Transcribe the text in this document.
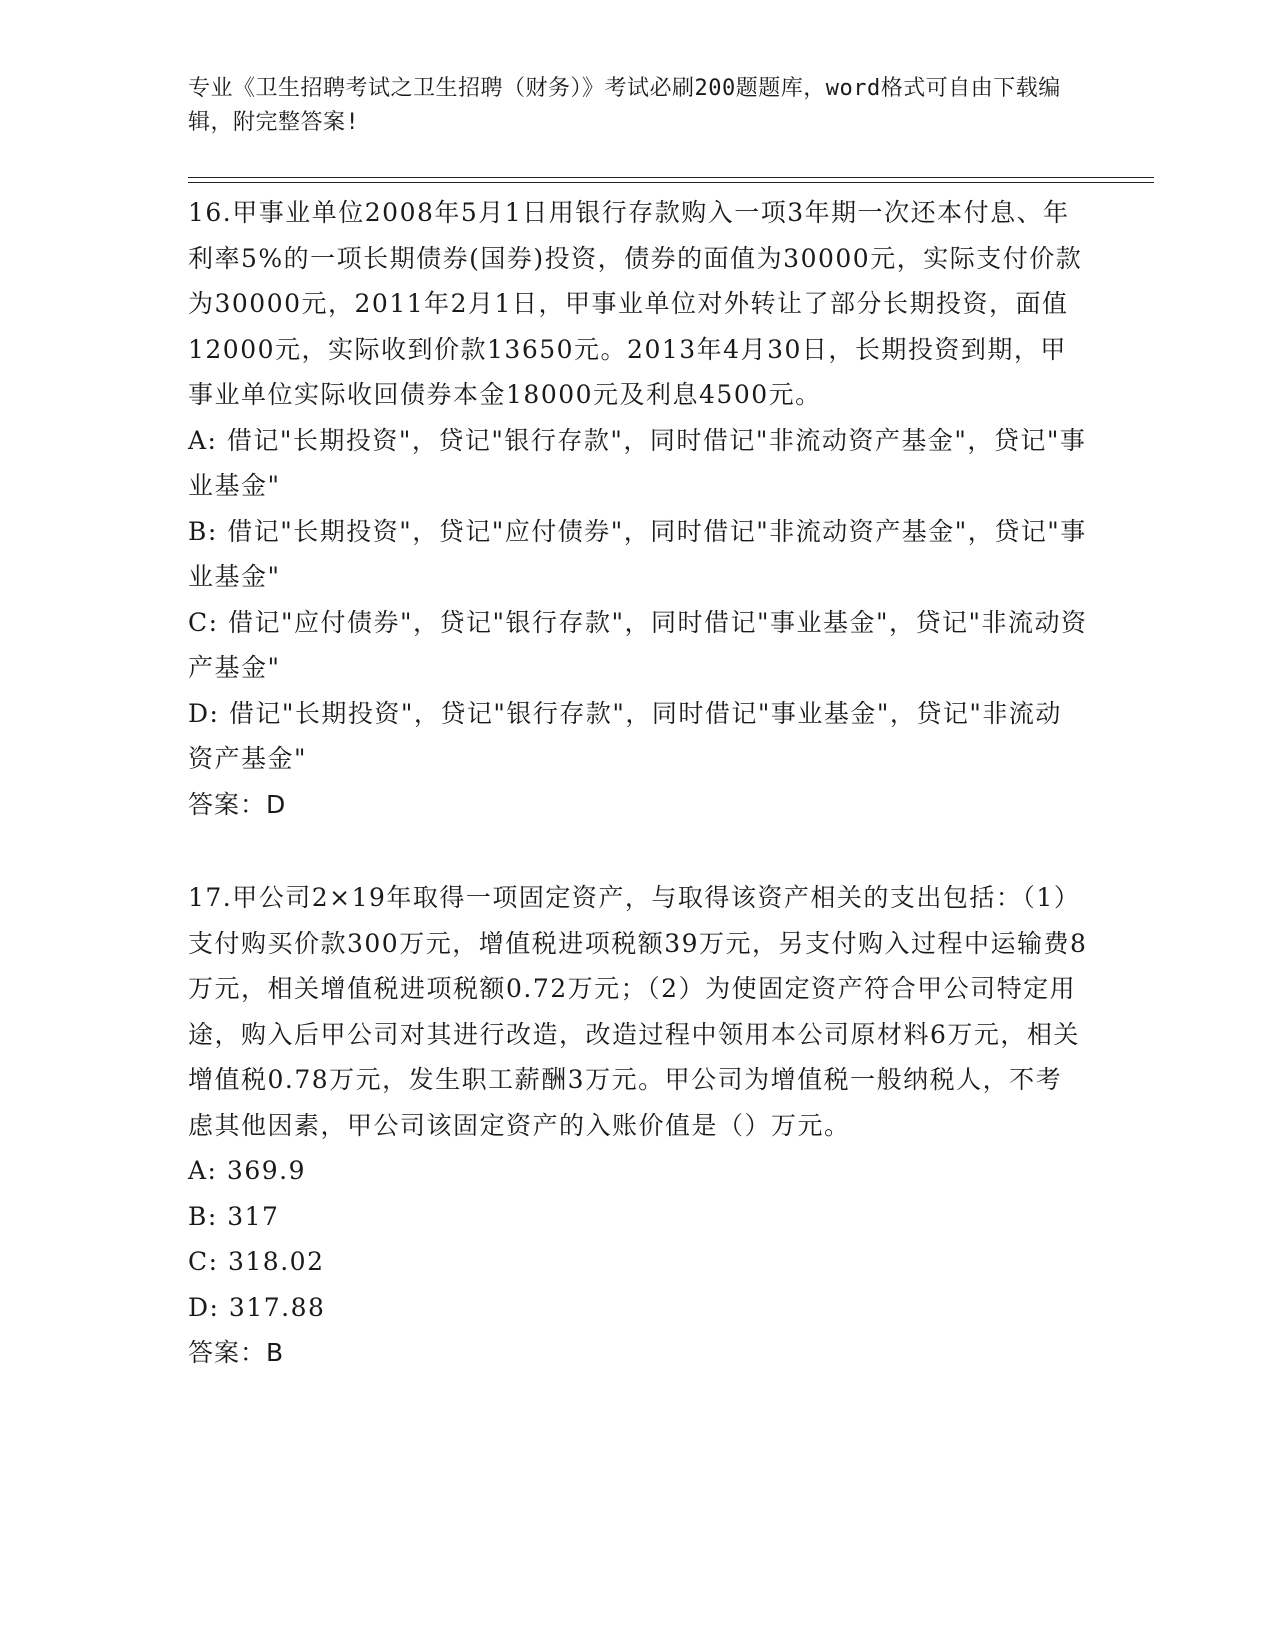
专业《卫生招聘考试之卫生招聘（财务）》考试必刷200题题库，word格式可自由下载编辑，附完整答案!

16.甲事业单位2008年5月1日用银行存款购入一项3年期一次还本付息、年利率5%的一项长期债券(国券)投资，债券的面值为30000元，实际支付价款为30000元，2011年2月1日，甲事业单位对外转让了部分长期投资，面值12000元，实际收到价款13650元。2013年4月30日，长期投资到期，甲事业单位实际收回债券本金18000元及利息4500元。

A: 借记"长期投资"，贷记"银行存款"，同时借记"非流动资产基金"，贷记"事业基金"

B: 借记"长期投资"，贷记"应付债券"，同时借记"非流动资产基金"，贷记"事业基金"

C: 借记"应付债券"，贷记"银行存款"，同时借记"事业基金"，贷记"非流动资产基金"

D: 借记"长期投资"，贷记"银行存款"，同时借记"事业基金"，贷记"非流动资产基金"

答案：D

17.甲公司2×19年取得一项固定资产，与取得该资产相关的支出包括：（1）支付购买价款300万元，增值税进项税额39万元，另支付购入过程中运输费8万元，相关增值税进项税额0.72万元；（2）为使固定资产符合甲公司特定用途，购入后甲公司对其进行改造，改造过程中领用本公司原材料6万元，相关增值税0.78万元，发生职工薪酬3万元。甲公司为增值税一般纳税人，不考虑其他因素，甲公司该固定资产的入账价值是（）万元。

A: 369.9

B: 317

C: 318.02

D: 317.88

答案：B
